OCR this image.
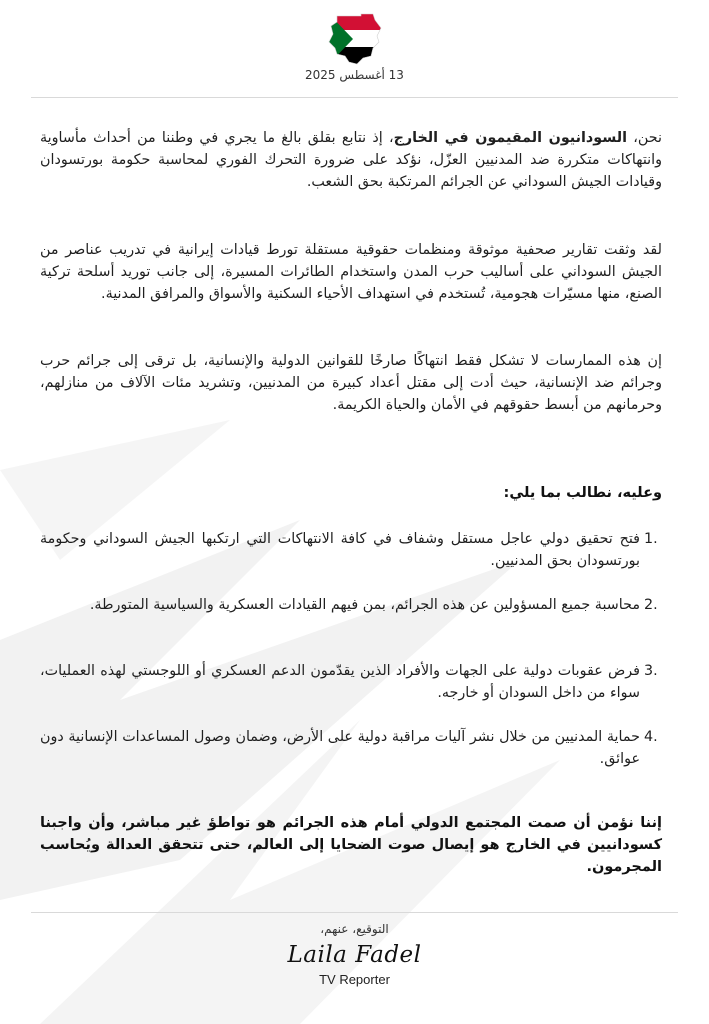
13 أغسطس 2025

نحن، السودانيون المقيمون في الخارج، إذ نتابع بقلق بالغ ما يجري في وطننا من أحداث مأساوية وانتهاكات متكررة ضد المدنيين العزّل، نؤكد على ضرورة التحرك الفوري لمحاسبة حكومة بورتسودان وقيادات الجيش السوداني عن الجرائم المرتكبة بحق الشعب.

لقد وثقت تقارير صحفية موثوقة ومنظمات حقوقية مستقلة تورط قيادات إيرانية في تدريب عناصر من الجيش السوداني على أساليب حرب المدن واستخدام الطائرات المسيرة، إلى جانب توريد أسلحة تركية الصنع، منها مسيّرات هجومية، تُستخدم في استهداف الأحياء السكنية والأسواق والمرافق المدنية.

إن هذه الممارسات لا تشكل فقط انتهاكًا صارخًا للقوانين الدولية والإنسانية، بل ترقى إلى جرائم حرب وجرائم ضد الإنسانية، حيث أدت إلى مقتل أعداد كبيرة من المدنيين، وتشريد مئات الآلاف من منازلهم، وحرمانهم من أبسط حقوقهم في الأمان والحياة الكريمة.

وعليه، نطالب بما يلي:
1.
فتح تحقيق دولي عاجل مستقل وشفاف في كافة الانتهاكات التي ارتكبها الجيش السوداني وحكومة بورتسودان بحق المدنيين.
2.
محاسبة جميع المسؤولين عن هذه الجرائم، بمن فيهم القيادات العسكرية والسياسية المتورطة.
3.
فرض عقوبات دولية على الجهات والأفراد الذين يقدّمون الدعم العسكري أو اللوجستي لهذه العمليات، سواء من داخل السودان أو خارجه.
4.
حماية المدنيين من خلال نشر آليات مراقبة دولية على الأرض، وضمان وصول المساعدات الإنسانية دون عوائق.

إننا نؤمن أن صمت المجتمع الدولي أمام هذه الجرائم هو تواطؤ غير مباشر، وأن واجبنا كسودانيين في الخارج هو إيصال صوت الضحايا إلى العالم، حتى تتحقق العدالة ويُحاسب المجرمون.

التوقيع، عنهم،
Laila Fadel
TV Reporter
